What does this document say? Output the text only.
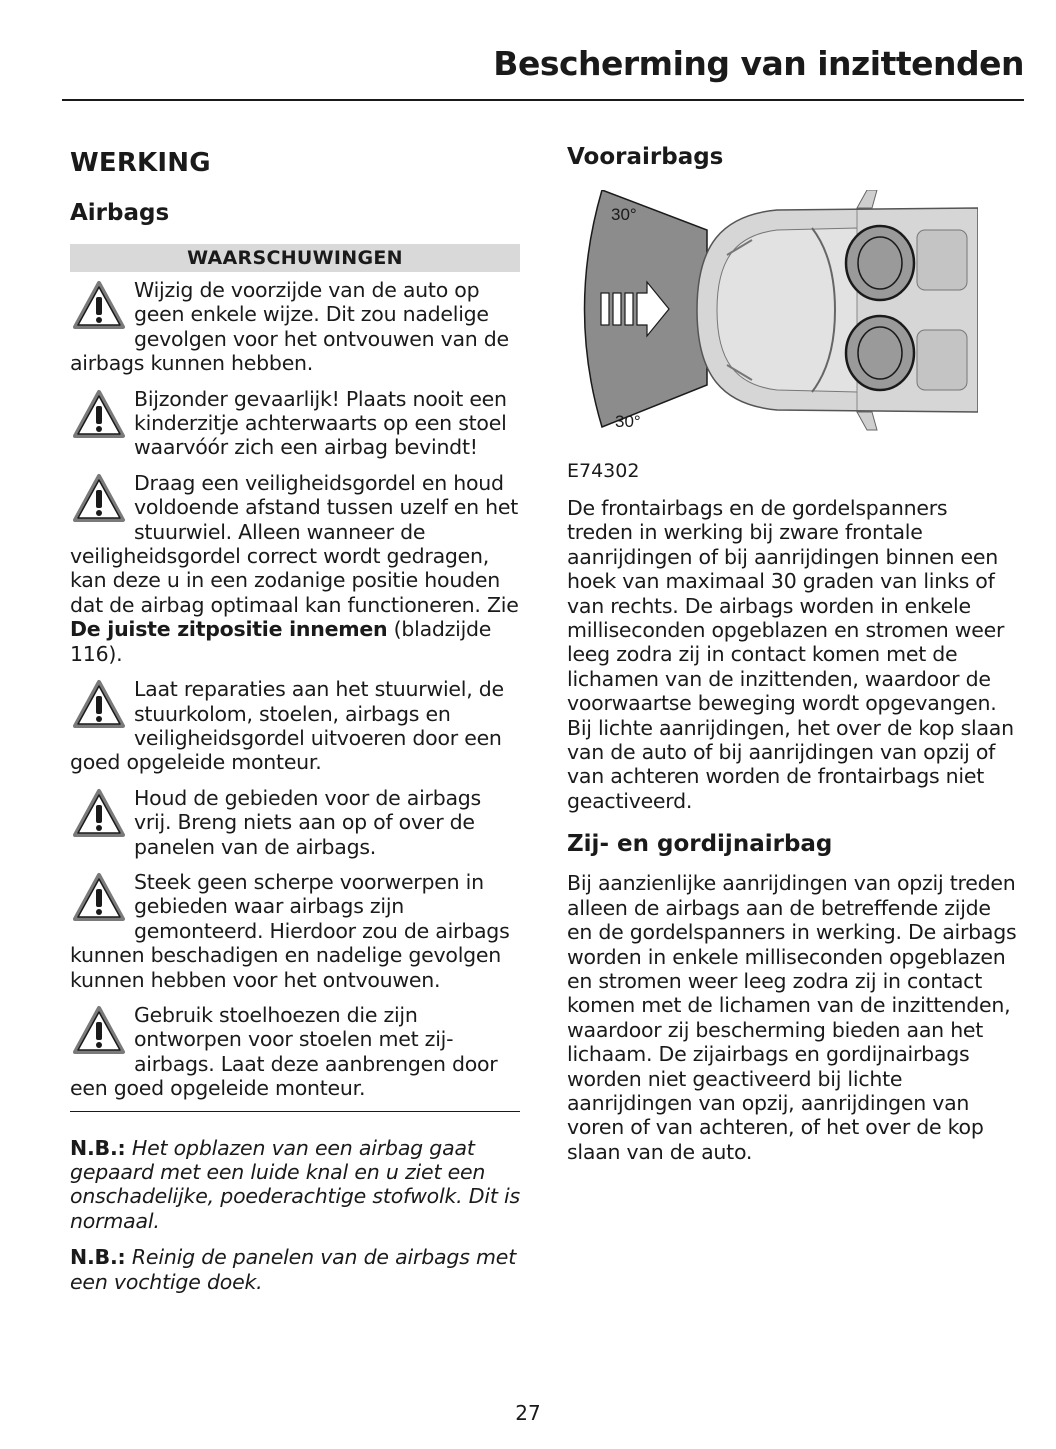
Bescherming van inzittenden
WERKING
Airbags
WAARSCHUWINGEN

Wijzig de voorzijde van de auto op geen enkele wijze. Dit zou nadelige gevolgen voor het ontvouwen van de airbags kunnen hebben.

Bijzonder gevaarlijk! Plaats nooit een kinderzitje achterwaarts op een stoel waarvóór zich een airbag bevindt!

Draag een veiligheidsgordel en houd voldoende afstand tussen uzelf en het stuurwiel. Alleen wanneer de veiligheidsgordel correct wordt gedragen, kan deze u in een zodanige positie houden dat de airbag optimaal kan functioneren. Zie De juiste zitpositie innemen (bladzijde 116).

Laat reparaties aan het stuurwiel, de stuurkolom, stoelen, airbags en veiligheidsgordel uitvoeren door een goed opgeleide monteur.

Houd de gebieden voor de airbags vrij. Breng niets aan op of over de panelen van de airbags.

Steek geen scherpe voorwerpen in gebieden waar airbags zijn gemonteerd. Hierdoor zou de airbags kunnen beschadigen en nadelige gevolgen kunnen hebben voor het ontvouwen.

Gebruik stoelhoezen die zijn ontworpen voor stoelen met zij-airbags. Laat deze aanbrengen door een goed opgeleide monteur.

N.B.: Het opblazen van een airbag gaat gepaard met een luide knal en u ziet een onschadelijke, poederachtige stofwolk. Dit is normaal.
N.B.: Reinig de panelen van de airbags met een vochtige doek.
Voorairbags
30°
30°
E74302
De frontairbags en de gordelspanners treden in werking bij zware frontale aanrijdingen of bij aanrijdingen binnen een hoek van maximaal 30 graden van links of van rechts. De airbags worden in enkele milliseconden opgeblazen en stromen weer leeg zodra zij in contact komen met de lichamen van de inzittenden, waardoor de voorwaartse beweging wordt opgevangen. Bij lichte aanrijdingen, het over de kop slaan van de auto of bij aanrijdingen van opzij of van achteren worden de frontairbags niet geactiveerd.
Zij- en gordijnairbag
Bij aanzienlijke aanrijdingen van opzij treden alleen de airbags aan de betreffende zijde en de gordelspanners in werking. De airbags worden in enkele milliseconden opgeblazen en stromen weer leeg zodra zij in contact komen met de lichamen van de inzittenden, waardoor zij bescherming bieden aan het lichaam. De zijairbags en gordijnairbags worden niet geactiveerd bij lichte aanrijdingen van opzij, aanrijdingen van voren of van achteren, of het over de kop slaan van de auto.
27
